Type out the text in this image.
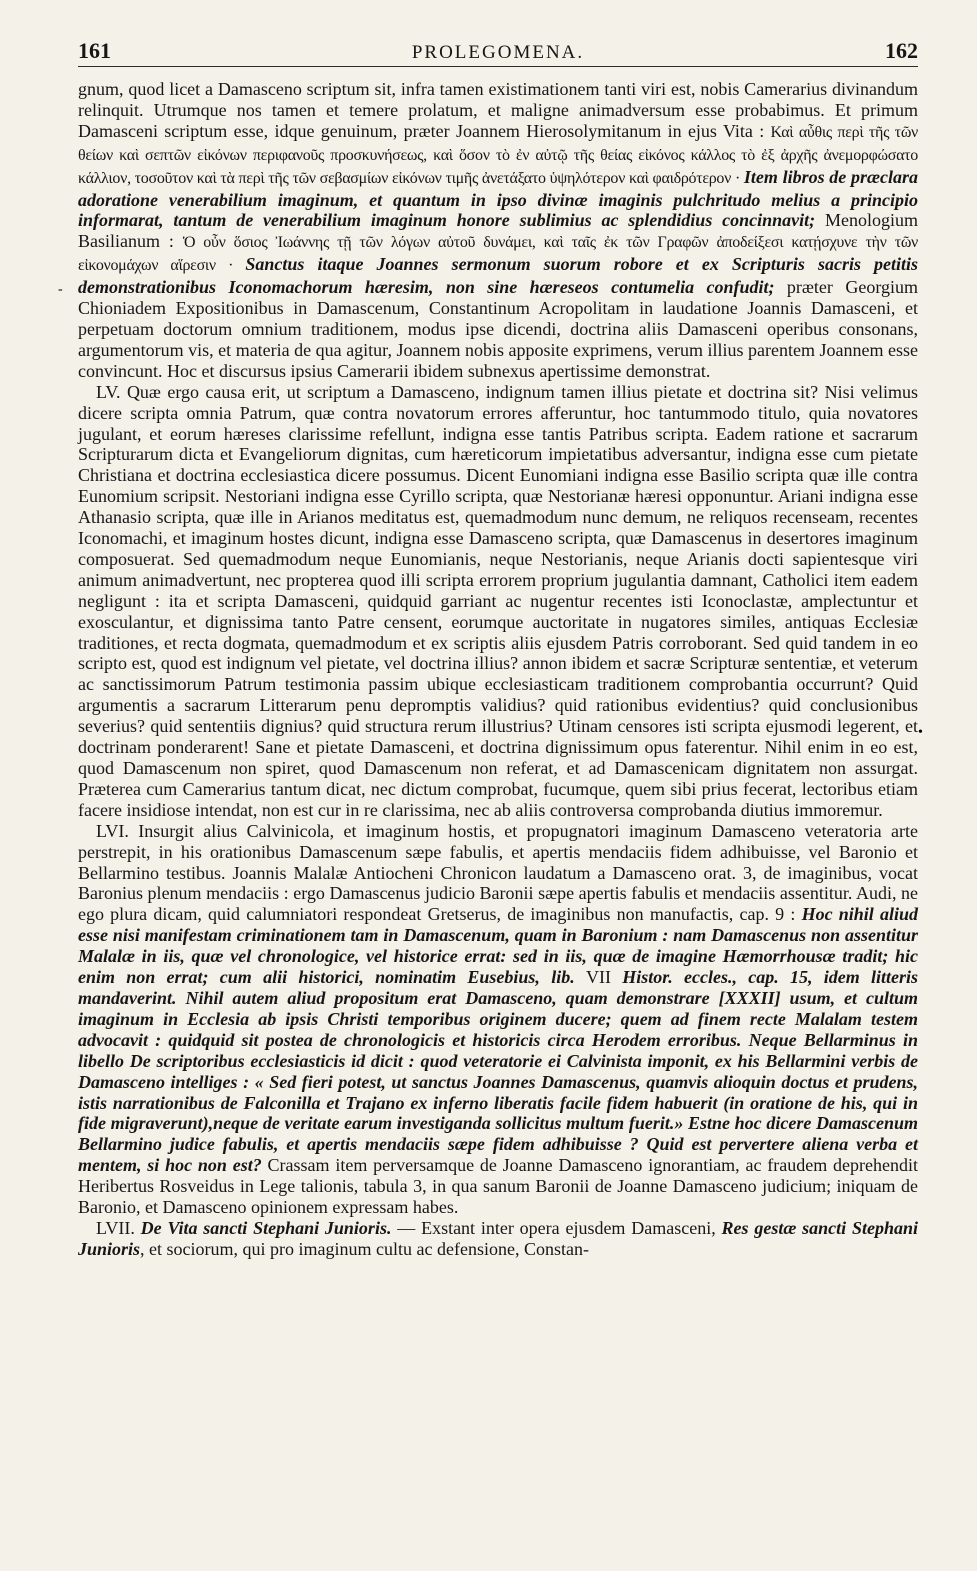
-
•
161	PROLEGOMENA.	162

gnum, quod licet a Damasceno scriptum sit, infra tamen existimationem tanti viri est, nobis Camerarius divinandum relinquit. Utrumque nos tamen et temere prolatum, et maligne animadversum esse probabimus. Et primum Damasceni scriptum esse, idque genuinum, præter Joannem Hierosolymitanum in ejus Vita : Καὶ αὖθις περὶ τῆς τῶν θείων καὶ σεπτῶν εἰκόνων περιφανοῦς προσκυνήσεως, καὶ ὅσον τὸ ἐν αὐτῷ τῆς θείας εἰκόνος κάλλος τὸ ἐξ ἀρχῆς ἀνεμορφώσατο κάλλιον, τοσοῦτον καὶ τὰ περὶ τῆς τῶν σεβασμίων εἰκόνων τιμῆς ἀνετάξατο ὑψηλότερον καὶ φαιδρότερον · Item libros de præclara adoratione venerabilium imaginum, et quantum in ipso divinæ imaginis pulchritudo melius a principio informarat, tantum de venerabilium imaginum honore sublimius ac splendidius concinnavit; Menologium Basilianum : Ὁ οὖν ὅσιος Ἰωάννης τῇ τῶν λόγων αὐτοῦ δυνάμει, καὶ ταῖς ἐκ τῶν Γραφῶν ἀποδείξεσι κατῄσχυνε τὴν τῶν εἰκονομάχων αἵρεσιν · Sanctus itaque Joannes sermonum suorum robore et ex Scripturis sacris petitis demonstrationibus Iconomachorum hæresim, non sine hæreseos contumelia confudit; præter Georgium Chioniadem Expositionibus in Damascenum, Constantinum Acropolitam in laudatione Joannis Damasceni, et perpetuam doctorum omnium traditionem, modus ipse dicendi, doctrina aliis Damasceni operibus consonans, argumentorum vis, et materia de qua agitur, Joannem nobis apposite exprimens, verum illius parentem Joannem esse convincunt. Hoc et discursus ipsius Camerarii ibidem subnexus apertissime demonstrat.

LV. Quæ ergo causa erit, ut scriptum a Damasceno, indignum tamen illius pietate et doctrina sit? Nisi velimus dicere scripta omnia Patrum, quæ contra novatorum errores afferuntur, hoc tantummodo titulo, quia novatores jugulant, et eorum hæreses clarissime refellunt, indigna esse tantis Patribus scripta. Eadem ratione et sacrarum Scripturarum dicta et Evangeliorum dignitas, cum hæreticorum impietatibus adversantur, indigna esse cum pietate Christiana et doctrina ecclesiastica dicere possumus. Dicent Eunomiani indigna esse Basilio scripta quæ ille contra Eunomium scripsit. Nestoriani indigna esse Cyrillo scripta, quæ Nestorianæ hæresi opponuntur. Ariani indigna esse Athanasio scripta, quæ ille in Arianos meditatus est, quemadmodum nunc demum, ne reliquos recenseam, recentes Iconomachi, et imaginum hostes dicunt, indigna esse Damasceno scripta, quæ Damascenus in desertores imaginum composuerat. Sed quemadmodum neque Eunomianis, neque Nestorianis, neque Arianis docti sapientesque viri animum animadvertunt, nec propterea quod illi scripta errorem proprium jugulantia damnant, Catholici item eadem negligunt : ita et scripta Damasceni, quidquid garriant ac nugentur recentes isti Iconoclastæ, amplectuntur et exosculantur, et dignissima tanto Patre censent, eorumque auctoritate in nugatores similes, antiquas Ecclesiæ traditiones, et recta dogmata, quemadmodum et ex scriptis aliis ejusdem Patris corroborant. Sed quid tandem in eo scripto est, quod est indignum vel pietate, vel doctrina illius? annon ibidem et sacræ Scripturæ sententiæ, et veterum ac sanctissimorum Patrum testimonia passim ubique ecclesiasticam traditionem comprobantia occurrunt? Quid argumentis a sacrarum Litterarum penu depromptis validius? quid rationibus evidentius? quid conclusionibus severius? quid sententiis dignius? quid structura rerum illustrius? Utinam censores isti scripta ejusmodi legerent, et doctrinam ponderarent! Sane et pietate Damasceni, et doctrina dignissimum opus faterentur. Nihil enim in eo est, quod Damascenum non spiret, quod Damascenum non referat, et ad Damascenicam dignitatem non assurgat. Præterea cum Camerarius tantum dicat, nec dictum comprobat, fucumque, quem sibi prius fecerat, lectoribus etiam facere insidiose intendat, non est cur in re clarissima, nec ab aliis controversa comprobanda diutius immoremur.

LVI. Insurgit alius Calvinicola, et imaginum hostis, et propugnatori imaginum Damasceno veteratoria arte perstrepit, in his orationibus Damascenum sæpe fabulis, et apertis mendaciis fidem adhibuisse, vel Baronio et Bellarmino testibus. Joannis Malalæ Antiocheni Chronicon laudatum a Damasceno orat. 3, de imaginibus, vocat Baronius plenum mendaciis : ergo Damascenus judicio Baronii sæpe apertis fabulis et mendaciis assentitur. Audi, ne ego plura dicam, quid calumniatori respondeat Gretserus, de imaginibus non manufactis, cap. 9 : Hoc nihil aliud esse nisi manifestam criminationem tam in Damascenum, quam in Baronium : nam Damascenus non assentitur Malalæ in iis, quæ vel chronologice, vel historice errat: sed in iis, quæ de imagine Hæmorrhousæ tradit; hic enim non errat; cum alii historici, nominatim Eusebius, lib. VII Histor. eccles., cap. 15, idem litteris mandaverint. Nihil autem aliud propositum erat Damasceno, quam demonstrare [XXXII] usum, et cultum imaginum in Ecclesia ab ipsis Christi temporibus originem ducere; quem ad finem recte Malalam testem advocavit : quidquid sit postea de chronologicis et historicis circa Herodem erroribus. Neque Bellarminus in libello De scriptoribus ecclesiasticis id dicit : quod veteratorie ei Calvinista imponit, ex his Bellarmini verbis de Damasceno intelliges : « Sed fieri potest, ut sanctus Joannes Damascenus, quamvis alioquin doctus et prudens, istis narrationibus de Falconilla et Trajano ex inferno liberatis facile fidem habuerit (in oratione de his, qui in fide migraverunt),neque de veritate earum investiganda sollicitus multum fuerit.» Estne hoc dicere Damascenum Bellarmino judice fabulis, et apertis mendaciis sæpe fidem adhibuisse ? Quid est pervertere aliena verba et mentem, si hoc non est? Crassam item perversamque de Joanne Damasceno ignorantiam, ac fraudem deprehendit Heribertus Rosveidus in Lege talionis, tabula 3, in qua sanum Baronii de Joanne Damasceno judicium; iniquam de Baronio, et Damasceno opinionem expressam habes.

LVII. De Vita sancti Stephani Junioris. — Exstant inter opera ejusdem Damasceni, Res gestæ sancti Stephani Junioris, et sociorum, qui pro imaginum cultu ac defensione, Constan-
